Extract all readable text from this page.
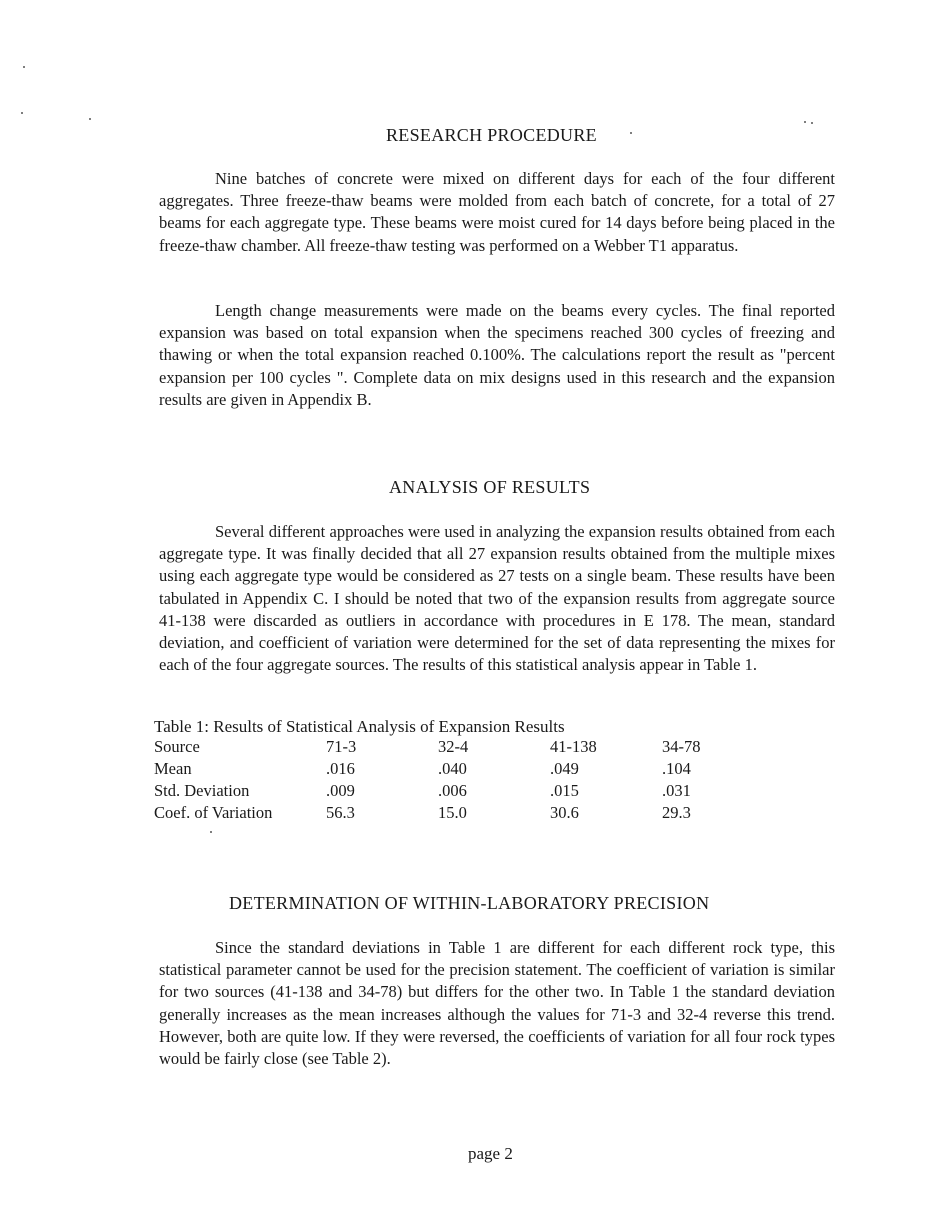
RESEARCH PROCEDURE

Nine batches of concrete were mixed on different days for each of the four different aggregates. Three freeze-thaw beams were molded from each batch of concrete, for a total of 27 beams for each aggregate type. These beams were moist cured for 14 days before being placed in the freeze-thaw chamber. All freeze-thaw testing was performed on a Webber T1 apparatus.

Length change measurements were made on the beams every cycles. The final reported expansion was based on total expansion when the specimens reached 300 cycles of freezing and thawing or when the total expansion reached 0.100%. The calculations report the result as "percent expansion per 100 cycles ". Complete data on mix designs used in this research and the expansion results are given in Appendix B.

ANALYSIS OF RESULTS

Several different approaches were used in analyzing the expansion results obtained from each aggregate type. It was finally decided that all 27 expansion results obtained from the multiple mixes using each aggregate type would be considered as 27 tests on a single beam. These results have been tabulated in Appendix C. I should be noted that two of the expansion results from aggregate source 41-138 were discarded as outliers in accordance with procedures in E 178. The mean, standard deviation, and coefficient of variation were determined for the set of data representing the mixes for each of the four aggregate sources. The results of this statistical analysis appear in Table 1.

Table 1: Results of Statistical Analysis of Expansion Results
Source	71-3	32-4	41-138	34-78
Mean	.016	.040	.049	.104
Std. Deviation	.009	.006	.015	.031
Coef. of Variation	56.3	15.0	30.6	29.3
DETERMINATION OF WITHIN-LABORATORY PRECISION

Since the standard deviations in Table 1 are different for each different rock type, this statistical parameter cannot be used for the precision statement. The coefficient of variation is similar for two sources (41-138 and 34-78) but differs for the other two. In Table 1 the standard deviation generally increases as the mean increases although the values for 71-3 and 32-4 reverse this trend. However, both are quite low. If they were reversed, the coefficients of variation for all four rock types would be fairly close (see Table 2).

page 2
